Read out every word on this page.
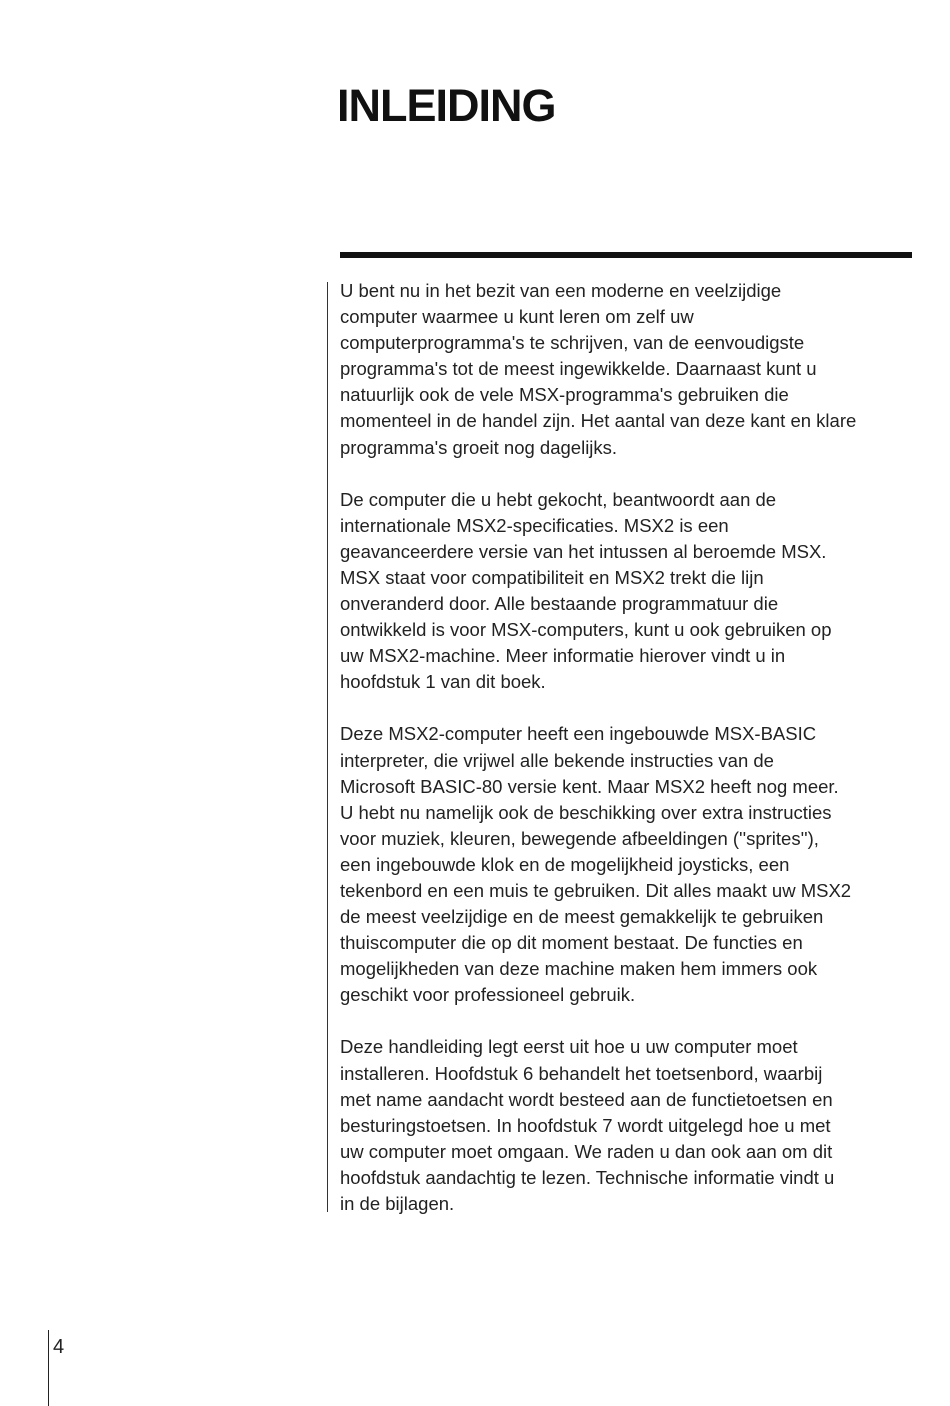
INLEIDING

U bent nu in het bezit van een moderne en veelzijdige
computer waarmee u kunt leren om zelf uw
computerprogramma's te schrijven, van de eenvoudigste
programma's tot de meest ingewikkelde. Daarnaast kunt u
natuurlijk ook de vele MSX-programma's gebruiken die
momenteel in de handel zijn. Het aantal van deze kant en klare
programma's groeit nog dagelijks.

De computer die u hebt gekocht, beantwoordt aan de
internationale MSX2-specificaties. MSX2 is een
geavanceerdere versie van het intussen al beroemde MSX.
MSX staat voor compatibiliteit en MSX2 trekt die lijn
onveranderd door. Alle bestaande programmatuur die
ontwikkeld is voor MSX-computers, kunt u ook gebruiken op
uw MSX2-machine. Meer informatie hierover vindt u in
hoofdstuk 1 van dit boek.

Deze MSX2-computer heeft een ingebouwde MSX-BASIC
interpreter, die vrijwel alle bekende instructies van de
Microsoft BASIC-80 versie kent. Maar MSX2 heeft nog meer.
U hebt nu namelijk ook de beschikking over extra instructies
voor muziek, kleuren, bewegende afbeeldingen (''sprites''),
een ingebouwde klok en de mogelijkheid joysticks, een
tekenbord en een muis te gebruiken. Dit alles maakt uw MSX2
de meest veelzijdige en de meest gemakkelijk te gebruiken
thuiscomputer die op dit moment bestaat. De functies en
mogelijkheden van deze machine maken hem immers ook
geschikt voor professioneel gebruik.

Deze handleiding legt eerst uit hoe u uw computer moet
installeren. Hoofdstuk 6 behandelt het toetsenbord, waarbij
met name aandacht wordt besteed aan de functietoetsen en
besturingstoetsen. In hoofdstuk 7 wordt uitgelegd hoe u met
uw computer moet omgaan. We raden u dan ook aan om dit
hoofdstuk aandachtig te lezen. Technische informatie vindt u
in de bijlagen.

4
